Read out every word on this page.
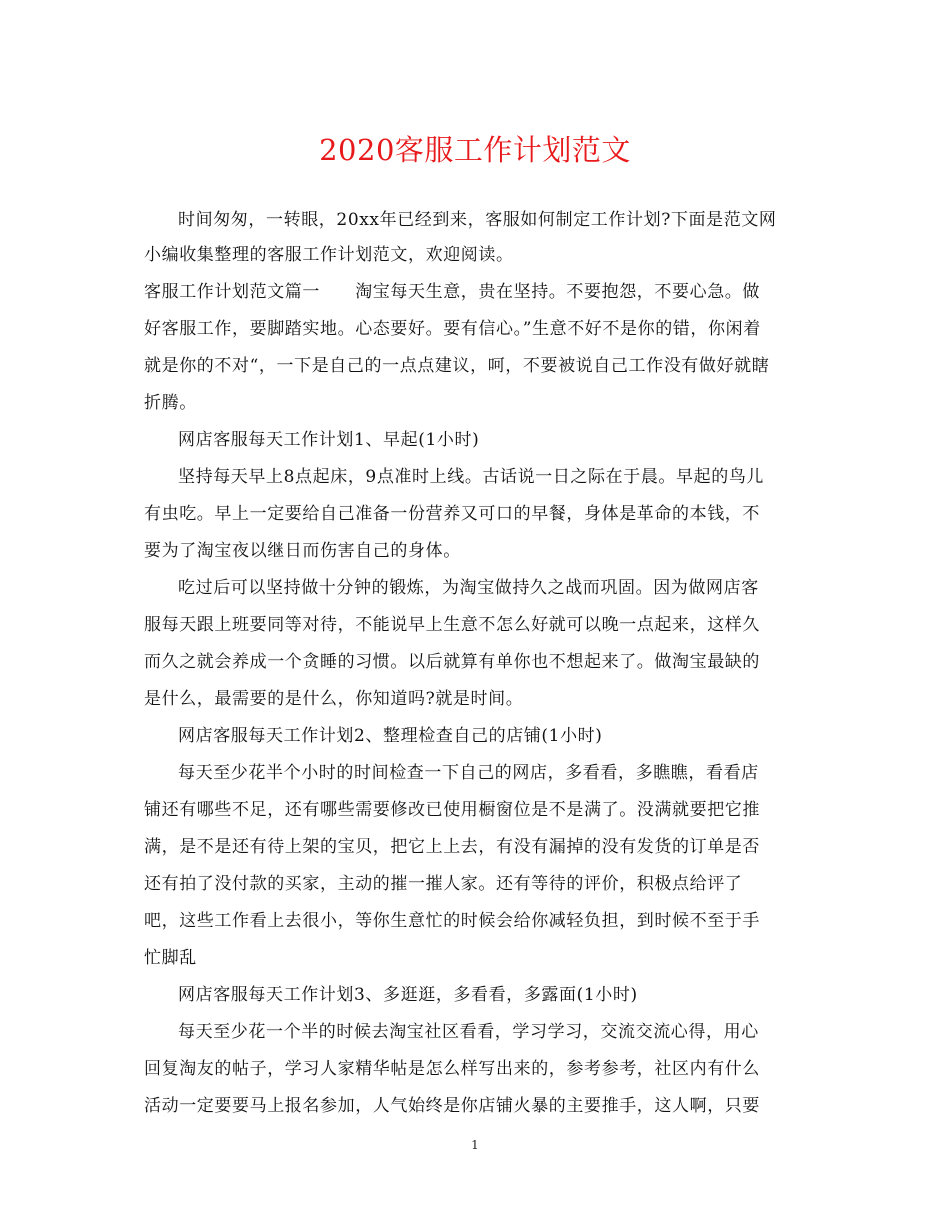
2020客服工作计划范文

时间匆匆，一转眼，20xx年已经到来，客服如何制定工作计划?下面是范文网

小编收集整理的客服工作计划范文，欢迎阅读。

客服工作计划范文篇一　　淘宝每天生意，贵在坚持。不要抱怨，不要心急。做

好客服工作，要脚踏实地。心态要好。要有信心。”生意不好不是你的错，你闲着

就是你的不对“，一下是自己的一点点建议，呵，不要被说自己工作没有做好就瞎

折腾。

网店客服每天工作计划1、早起(1小时)

坚持每天早上8点起床，9点准时上线。古话说一日之际在于晨。早起的鸟儿

有虫吃。早上一定要给自己准备一份营养又可口的早餐，身体是革命的本钱，不

要为了淘宝夜以继日而伤害自己的身体。

吃过后可以坚持做十分钟的锻炼，为淘宝做持久之战而巩固。因为做网店客

服每天跟上班要同等对待，不能说早上生意不怎么好就可以晚一点起来，这样久

而久之就会养成一个贪睡的习惯。以后就算有单你也不想起来了。做淘宝最缺的

是什么，最需要的是什么，你知道吗?就是时间。

网店客服每天工作计划2、整理检查自己的店铺(1小时)

每天至少花半个小时的时间检查一下自己的网店，多看看，多瞧瞧，看看店

铺还有哪些不足，还有哪些需要修改已使用橱窗位是不是满了。没满就要把它推

满，是不是还有待上架的宝贝，把它上上去，有没有漏掉的没有发货的订单是否

还有拍了没付款的买家，主动的摧一摧人家。还有等待的评价，积极点给评了

吧，这些工作看上去很小，等你生意忙的时候会给你减轻负担，到时候不至于手

忙脚乱

网店客服每天工作计划3、多逛逛，多看看，多露面(1小时)

每天至少花一个半的时候去淘宝社区看看，学习学习，交流交流心得，用心

回复淘友的帖子，学习人家精华帖是怎么样写出来的，参考参考，社区内有什么

活动一定要要马上报名参加，人气始终是你店铺火暴的主要推手，这人啊，只要

1
